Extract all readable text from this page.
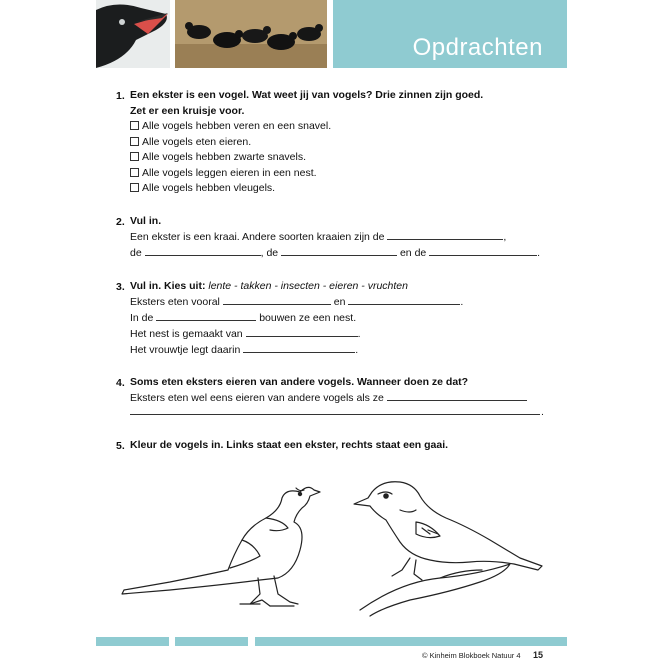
Opdrachten
1. Een ekster is een vogel. Wat weet jij van vogels? Drie zinnen zijn goed.
Zet er een kruisje voor.
Alle vogels hebben veren en een snavel.
Alle vogels eten eieren.
Alle vogels hebben zwarte snavels.
Alle vogels leggen eieren in een nest.
Alle vogels hebben vleugels.
2. Vul in.
Een ekster is een kraai. Andere soorten kraaien zijn de	,
de	, de	en de	.
3. Vul in. Kies uit: lente - takken - insecten - eieren - vruchten
Eksters eten vooral	en	.
In de	bouwen ze een nest.
Het nest is gemaakt van	.
Het vrouwtje legt daarin	.
4. Soms eten eksters eieren van andere vogels. Wanneer doen ze dat?
Eksters eten wel eens eieren van andere vogels als ze
.
5. Kleur de vogels in. Links staat een ekster, rechts staat een gaai.
© Kinheim Blokboek Natuur 4 15
